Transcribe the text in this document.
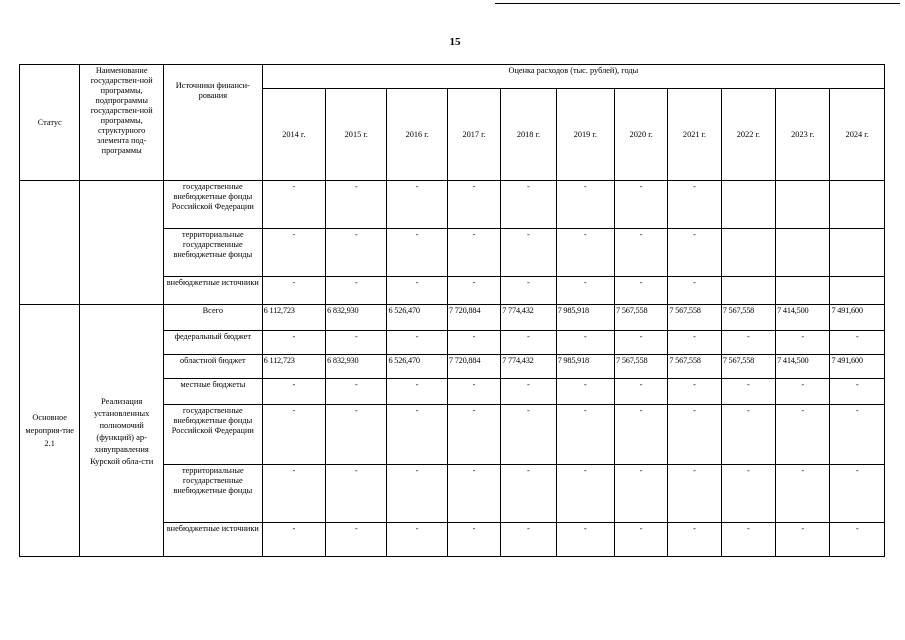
15
Статус	Наименование государствен-ной программы, подпрограммы государствен-ной программы, структурного элемента под-программы	Источники финанси-рования	Оценка расходов (тыс. рублей), годы										
			2014 г.	2015 г.	2016 г.	2017 г.	2018 г.	2019 г.	2020 г.	2021 г.	2022 г.	2023 г.	2024 г.
		государственные внебюджетные фонды Российской Федерации	-	-	-	-	-	-	-	-			
		территориальные государственные внебюджетные фонды	-	-	-	-	-	-	-	-			
		внебюджетные источники	-	-	-	-	-	-	-	-			
Основное мероприя-тие 2.1	Реализация установленных полномочий (функций) ар-хивуправления Курской обла-сти	Всего	6 112,723	6 832,930	6 526,470	7 720,884	7 774,432	7 985,918	7 567,558	7 567,558	7 567,558	7 414,500	7 491,600
		федеральный бюджет	-	-	-	-	-	-	-	-	-	-	-
		областной бюджет	6 112,723	6 832,930	6 526,470	7 720,884	7 774,432	7 985,918	7 567,558	7 567,558	7 567,558	7 414,500	7 491,600
		местные бюджеты	-	-	-	-	-	-	-	-	-	-	-
		государственные внебюджетные фонды Российской Федерации	-	-	-	-	-	-	-	-	-	-	-
		территориальные государственные внебюджетные фонды	-	-	-	-	-	-	-	-	-	-	-
		внебюджетные источники	-	-	-	-	-	-	-	-	-	-	-
